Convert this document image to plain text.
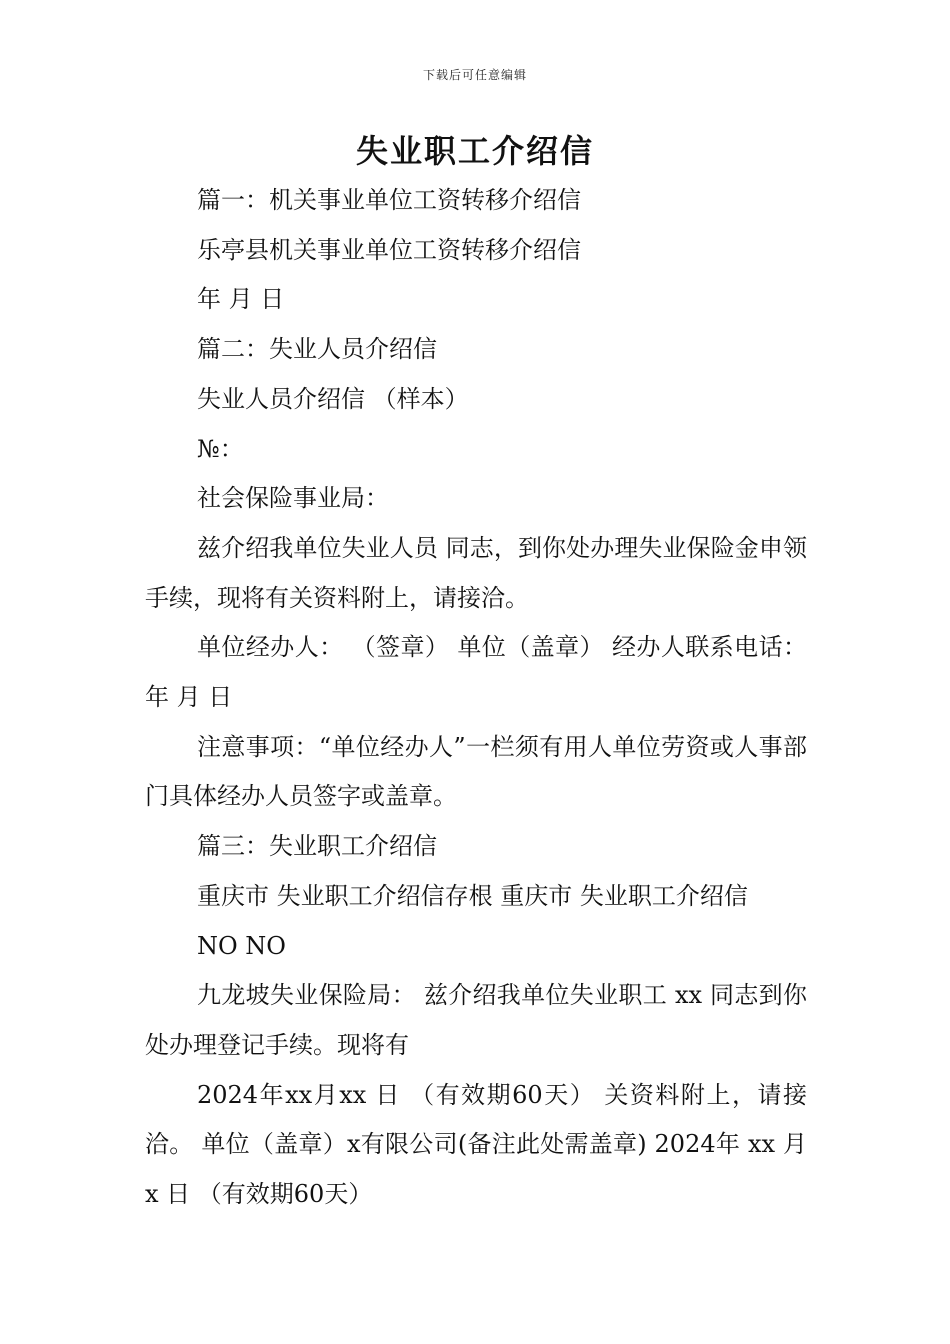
下载后可任意编辑
失业职工介绍信

篇一：机关事业单位工资转移介绍信

乐亭县机关事业单位工资转移介绍信

年 月 日

篇二：失业人员介绍信

失业人员介绍信 （样本）

№：

社会保险事业局：

兹介绍我单位失业人员 同志，到你处办理失业保险金申领手续，现将有关资料附上，请接洽。

单位经办人： （签章） 单位（盖章） 经办人联系电话： 年 月 日

注意事项：“单位经办人”一栏须有用人单位劳资或人事部门具体经办人员签字或盖章。

篇三：失业职工介绍信

重庆市 失业职工介绍信存根 重庆市 失业职工介绍信

NO NO

九龙坡失业保险局： 兹介绍我单位失业职工 xx 同志到你处办理登记手续。现将有

2024年xx月xx 日 （有效期60天） 关资料附上，请接洽。 单位（盖章）x有限公司(备注此处需盖章) 2024年 xx 月 x 日 （有效期60天）
